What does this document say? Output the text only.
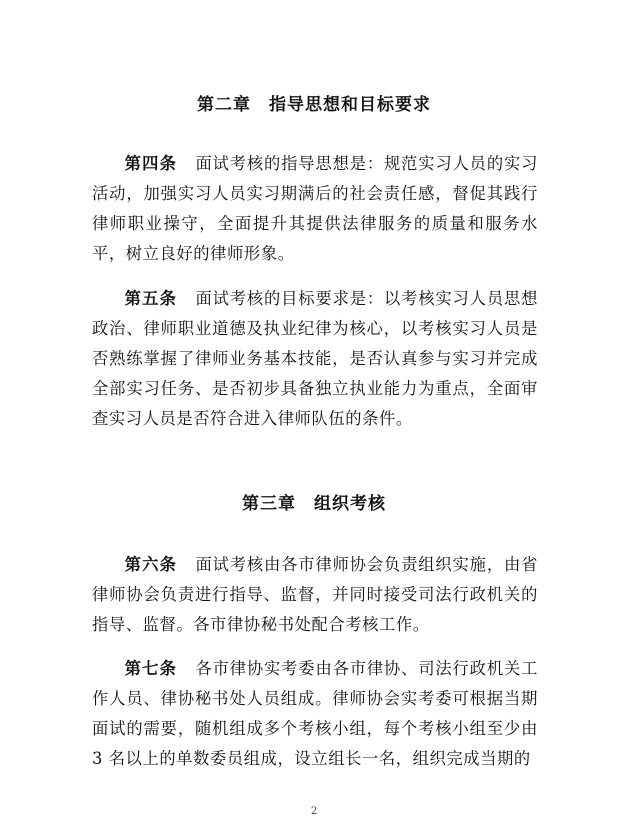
第二章　指导思想和目标要求
第四条 面试考核的指导思想是：规范实习人员的实习活动，加强实习人员实习期满后的社会责任感，督促其践行律师职业操守，全面提升其提供法律服务的质量和服务水平，树立良好的律师形象。
第五条 面试考核的目标要求是：以考核实习人员思想政治、律师职业道德及执业纪律为核心，以考核实习人员是否熟练掌握了律师业务基本技能，是否认真参与实习并完成全部实习任务、是否初步具备独立执业能力为重点，全面审查实习人员是否符合进入律师队伍的条件。
第三章　组织考核
第六条 面试考核由各市律师协会负责组织实施，由省律师协会负责进行指导、监督，并同时接受司法行政机关的指导、监督。各市律协秘书处配合考核工作。
第七条 各市律协实考委由各市律协、司法行政机关工作人员、律协秘书处人员组成。律师协会实考委可根据当期面试的需要，随机组成多个考核小组，每个考核小组至少由 3 名以上的单数委员组成，设立组长一名，组织完成当期的
2
